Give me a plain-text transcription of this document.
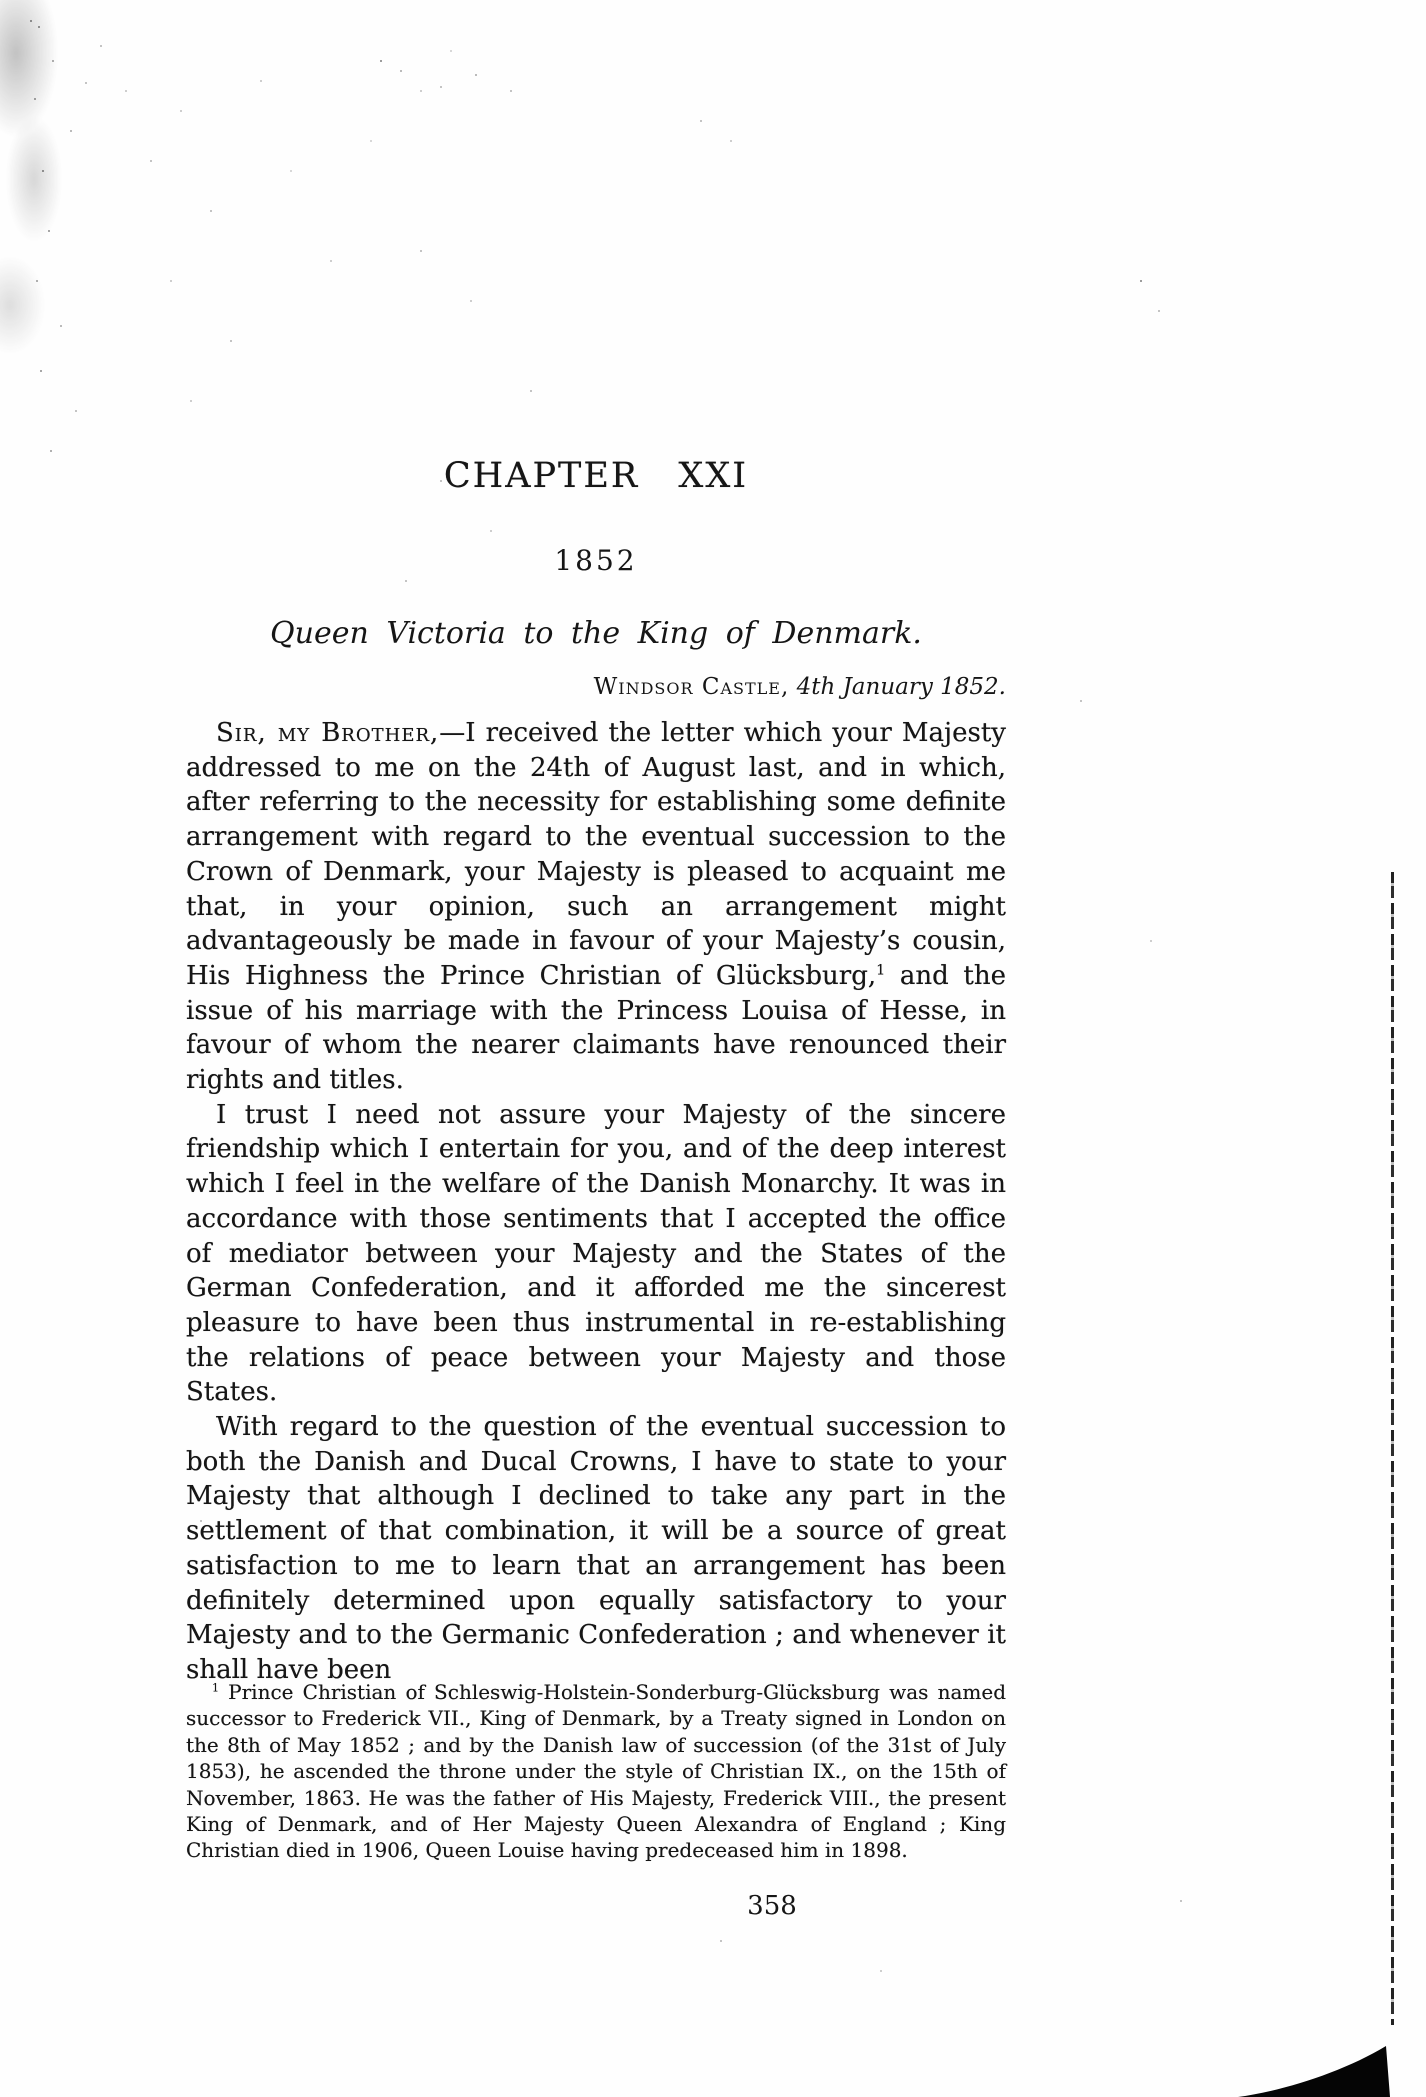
CHAPTER XXI
1852
Queen Victoria to the King of Denmark.
Windsor Castle, 4th January 1852.

Sir, my Brother,—I received the letter which your Majesty addressed to me on the 24th of August last, and in which, after referring to the necessity for establishing some definite arrangement with regard to the eventual succession to the Crown of Denmark, your Majesty is pleased to acquaint me that, in your opinion, such an arrangement might advantageously be made in favour of your Majesty’s cousin, His Highness the Prince Christian of Glücksburg,$^1$ and the issue of his marriage with the Princess Louisa of Hesse, in favour of whom the nearer claimants have renounced their rights and titles.

I trust I need not assure your Majesty of the sincere friendship which I entertain for you, and of the deep interest which I feel in the welfare of the Danish Monarchy. It was in accordance with those sentiments that I accepted the office of mediator between your Majesty and the States of the German Confederation, and it afforded me the sincerest pleasure to have been thus instrumental in re-establishing the relations of peace between your Majesty and those States.

With regard to the question of the eventual succession to both the Danish and Ducal Crowns, I have to state to your Majesty that although I declined to take any part in the settlement of that combination, it will be a source of great satisfaction to me to learn that an arrangement has been definitely determined upon equally satisfactory to your Majesty and to the Germanic Confederation ; and whenever it shall have been

$^1$ Prince Christian of Schleswig-Holstein-Sonderburg-Glücksburg was named successor to Frederick VII., King of Denmark, by a Treaty signed in London on the 8th of May 1852 ; and by the Danish law of succession (of the 31st of July 1853), he ascended the throne under the style of Christian IX., on the 15th of November, 1863. He was the father of His Majesty, Frederick VIII., the present King of Denmark, and of Her Majesty Queen Alexandra of England ; King Christian died in 1906, Queen Louise having predeceased him in 1898.

358
